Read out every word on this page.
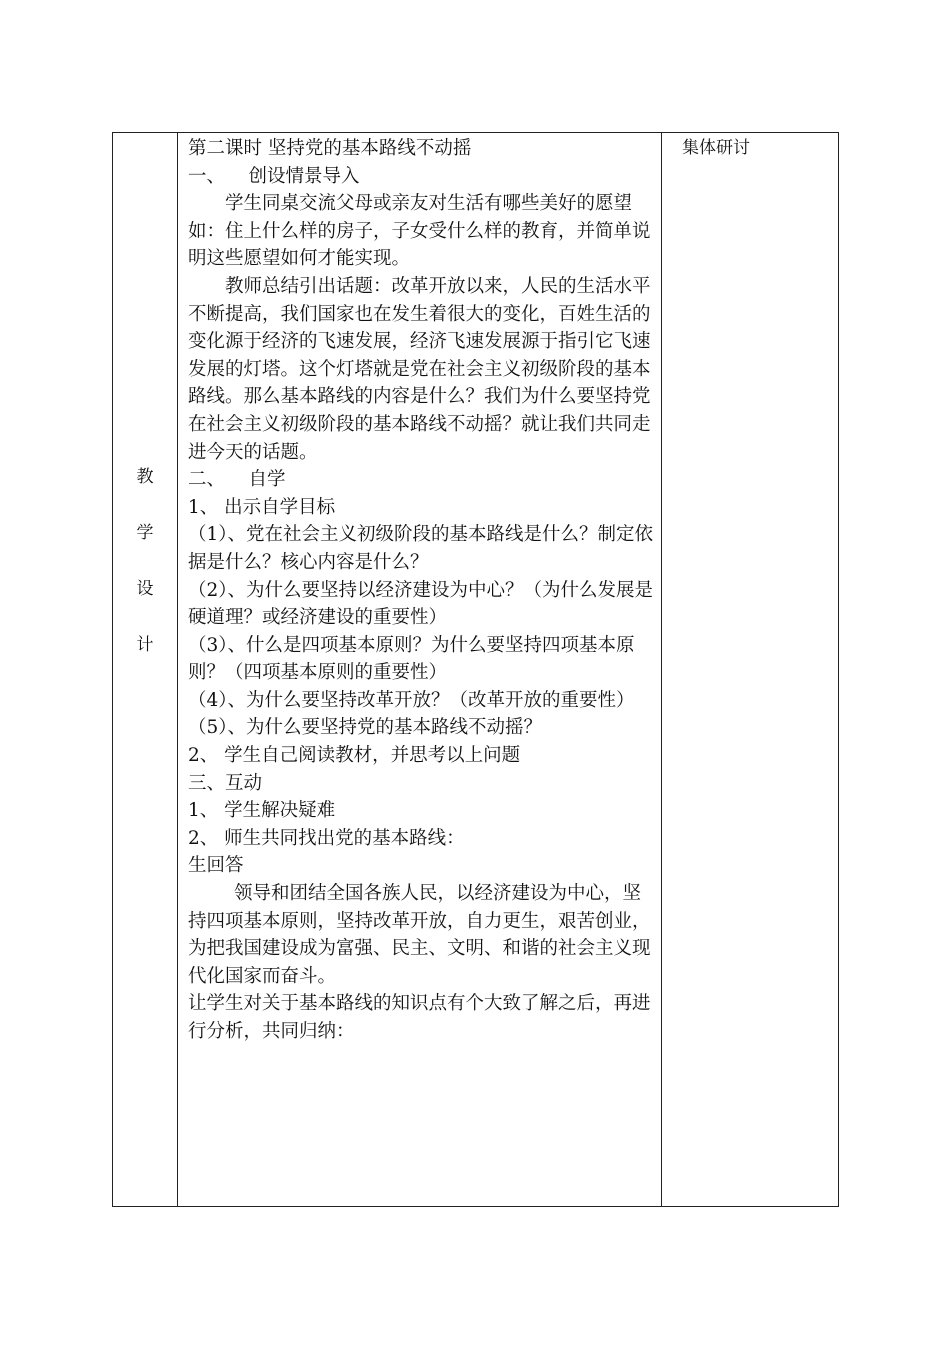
教
学
设
计

第二课时 坚持党的基本路线不动摇

一、    创设情景导入

学生同桌交流父母或亲友对生活有哪些美好的愿望如：住上什么样的房子，子女受什么样的教育，并简单说明这些愿望如何才能实现。

教师总结引出话题：改革开放以来，人民的生活水平不断提高，我们国家也在发生着很大的变化，百姓生活的变化源于经济的飞速发展，经济飞速发展源于指引它飞速发展的灯塔。这个灯塔就是党在社会主义初级阶段的基本路线。那么基本路线的内容是什么？我们为什么要坚持党在社会主义初级阶段的基本路线不动摇？就让我们共同走进今天的话题。

二、    自学

1、 出示自学目标

（1）、党在社会主义初级阶段的基本路线是什么？制定依据是什么？核心内容是什么？

（2）、为什么要坚持以经济建设为中心？（为什么发展是硬道理？或经济建设的重要性）

（3）、什么是四项基本原则？为什么要坚持四项基本原则？（四项基本原则的重要性）

（4）、为什么要坚持改革开放？（改革开放的重要性）

（5）、为什么要坚持党的基本路线不动摇？

2、 学生自己阅读教材，并思考以上问题

三、互动

1、 学生解决疑难

2、 师生共同找出党的基本路线：

生回答

领导和团结全国各族人民，以经济建设为中心，坚持四项基本原则，坚持改革开放，自力更生，艰苦创业，为把我国建设成为富强、民主、文明、和谐的社会主义现代化国家而奋斗。

让学生对关于基本路线的知识点有个大致了解之后，再进行分析，共同归纳：

集体研讨
